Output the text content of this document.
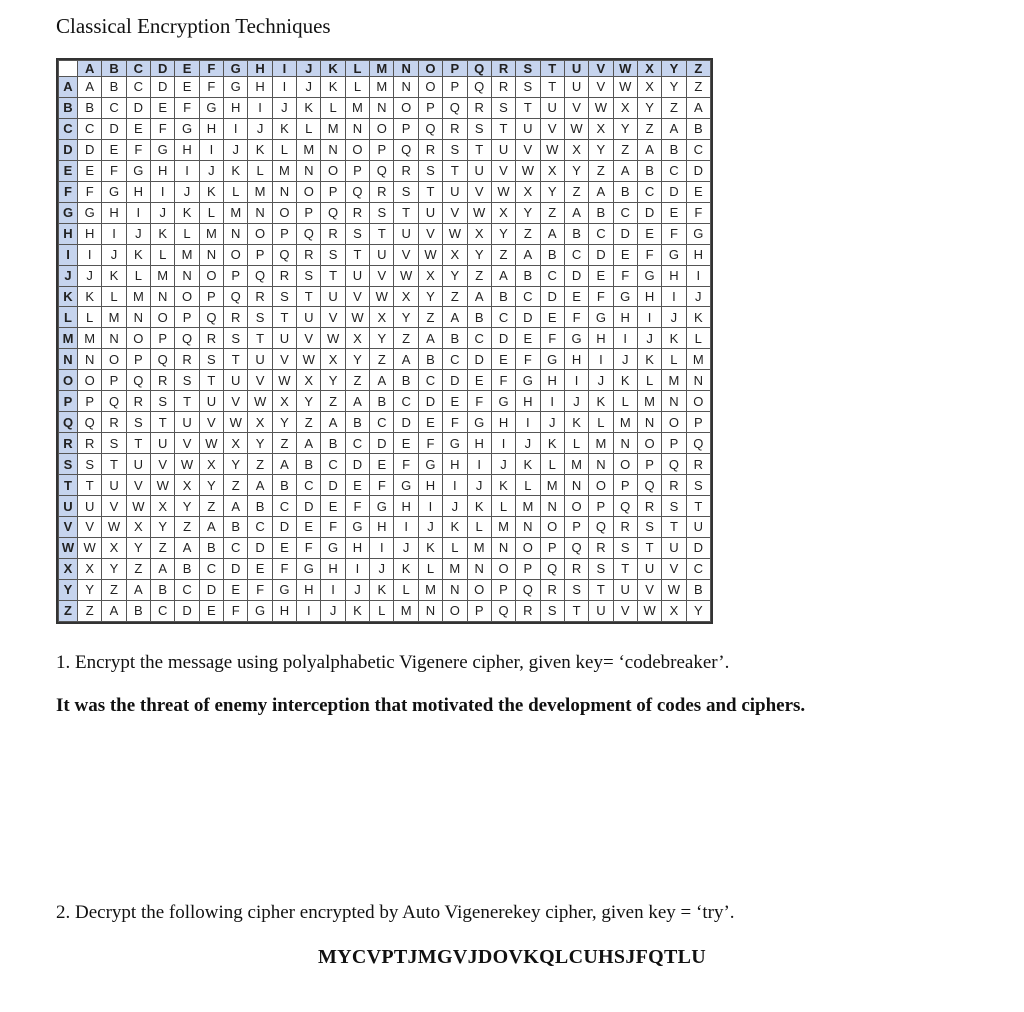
Classical Encryption Techniques
	A	B	C	D	E	F	G	H	I	J	K	L	M	N	O	P	Q	R	S	T	U	V	W	X	Y	Z
A	A	B	C	D	E	F	G	H	I	J	K	L	M	N	O	P	Q	R	S	T	U	V	W	X	Y	Z
B	B	C	D	E	F	G	H	I	J	K	L	M	N	O	P	Q	R	S	T	U	V	W	X	Y	Z	A
C	C	D	E	F	G	H	I	J	K	L	M	N	O	P	Q	R	S	T	U	V	W	X	Y	Z	A	B
D	D	E	F	G	H	I	J	K	L	M	N	O	P	Q	R	S	T	U	V	W	X	Y	Z	A	B	C
E	E	F	G	H	I	J	K	L	M	N	O	P	Q	R	S	T	U	V	W	X	Y	Z	A	B	C	D
F	F	G	H	I	J	K	L	M	N	O	P	Q	R	S	T	U	V	W	X	Y	Z	A	B	C	D	E
G	G	H	I	J	K	L	M	N	O	P	Q	R	S	T	U	V	W	X	Y	Z	A	B	C	D	E	F
H	H	I	J	K	L	M	N	O	P	Q	R	S	T	U	V	W	X	Y	Z	A	B	C	D	E	F	G
I	I	J	K	L	M	N	O	P	Q	R	S	T	U	V	W	X	Y	Z	A	B	C	D	E	F	G	H
J	J	K	L	M	N	O	P	Q	R	S	T	U	V	W	X	Y	Z	A	B	C	D	E	F	G	H	I
K	K	L	M	N	O	P	Q	R	S	T	U	V	W	X	Y	Z	A	B	C	D	E	F	G	H	I	J
L	L	M	N	O	P	Q	R	S	T	U	V	W	X	Y	Z	A	B	C	D	E	F	G	H	I	J	K
M	M	N	O	P	Q	R	S	T	U	V	W	X	Y	Z	A	B	C	D	E	F	G	H	I	J	K	L
N	N	O	P	Q	R	S	T	U	V	W	X	Y	Z	A	B	C	D	E	F	G	H	I	J	K	L	M
O	O	P	Q	R	S	T	U	V	W	X	Y	Z	A	B	C	D	E	F	G	H	I	J	K	L	M	N
P	P	Q	R	S	T	U	V	W	X	Y	Z	A	B	C	D	E	F	G	H	I	J	K	L	M	N	O
Q	Q	R	S	T	U	V	W	X	Y	Z	A	B	C	D	E	F	G	H	I	J	K	L	M	N	O	P
R	R	S	T	U	V	W	X	Y	Z	A	B	C	D	E	F	G	H	I	J	K	L	M	N	O	P	Q
S	S	T	U	V	W	X	Y	Z	A	B	C	D	E	F	G	H	I	J	K	L	M	N	O	P	Q	R
T	T	U	V	W	X	Y	Z	A	B	C	D	E	F	G	H	I	J	K	L	M	N	O	P	Q	R	S
U	U	V	W	X	Y	Z	A	B	C	D	E	F	G	H	I	J	K	L	M	N	O	P	Q	R	S	T
V	V	W	X	Y	Z	A	B	C	D	E	F	G	H	I	J	K	L	M	N	O	P	Q	R	S	T	U
W	W	X	Y	Z	A	B	C	D	E	F	G	H	I	J	K	L	M	N	O	P	Q	R	S	T	U	D
X	X	Y	Z	A	B	C	D	E	F	G	H	I	J	K	L	M	N	O	P	Q	R	S	T	U	V	C
Y	Y	Z	A	B	C	D	E	F	G	H	I	J	K	L	M	N	O	P	Q	R	S	T	U	V	W	B
Z	Z	A	B	C	D	E	F	G	H	I	J	K	L	M	N	O	P	Q	R	S	T	U	V	W	X	Y
1. Encrypt the message using polyalphabetic Vigenere cipher, given key= ‘codebreaker’.
It was the threat of enemy interception that motivated the development of codes and ciphers.
2. Decrypt the following cipher encrypted by Auto Vigenerekey cipher, given key = ‘try’.
MYCVPTJMGVJDOVKQLCUHSJFQTLU
